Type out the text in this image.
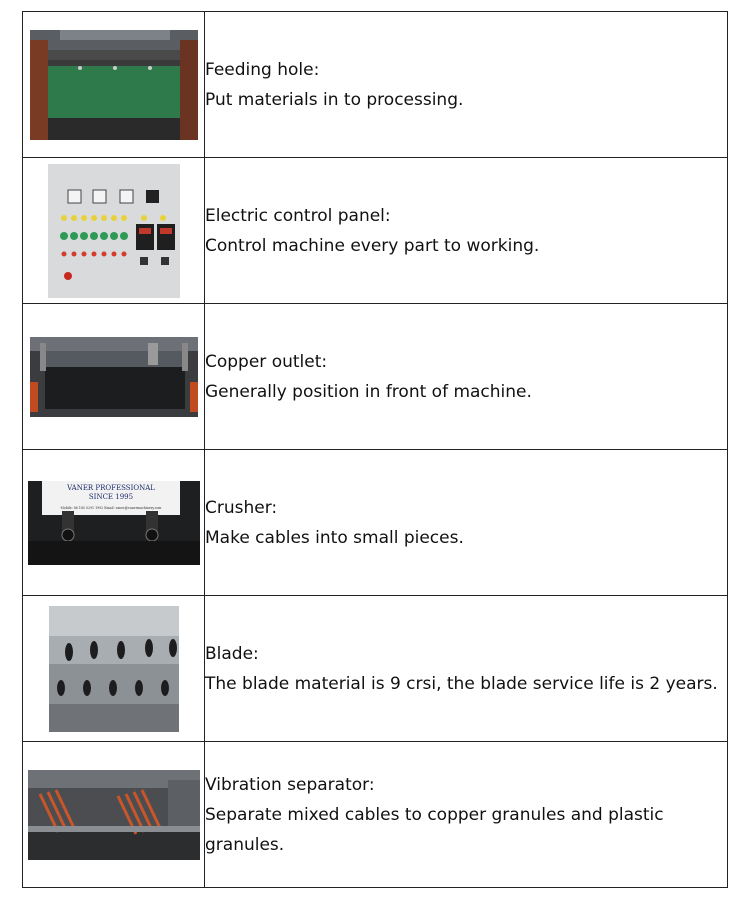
Feeding hole:
Put materials in to processing.

Electric control panel:
Control machine every part to working.

Copper outlet:
Generally position in front of machine.

VANER PROFESSIONAL
SINCE 1995
Mobile: 86 185 0291 1992 Email: vaner@vanermachinery.com	Crusher:
Make cables into small pieces.

Blade:
The blade material is 9 crsi, the blade service life is 2 years.

Vibration separator:
Separate mixed cables to copper granules and plastic
granules.
